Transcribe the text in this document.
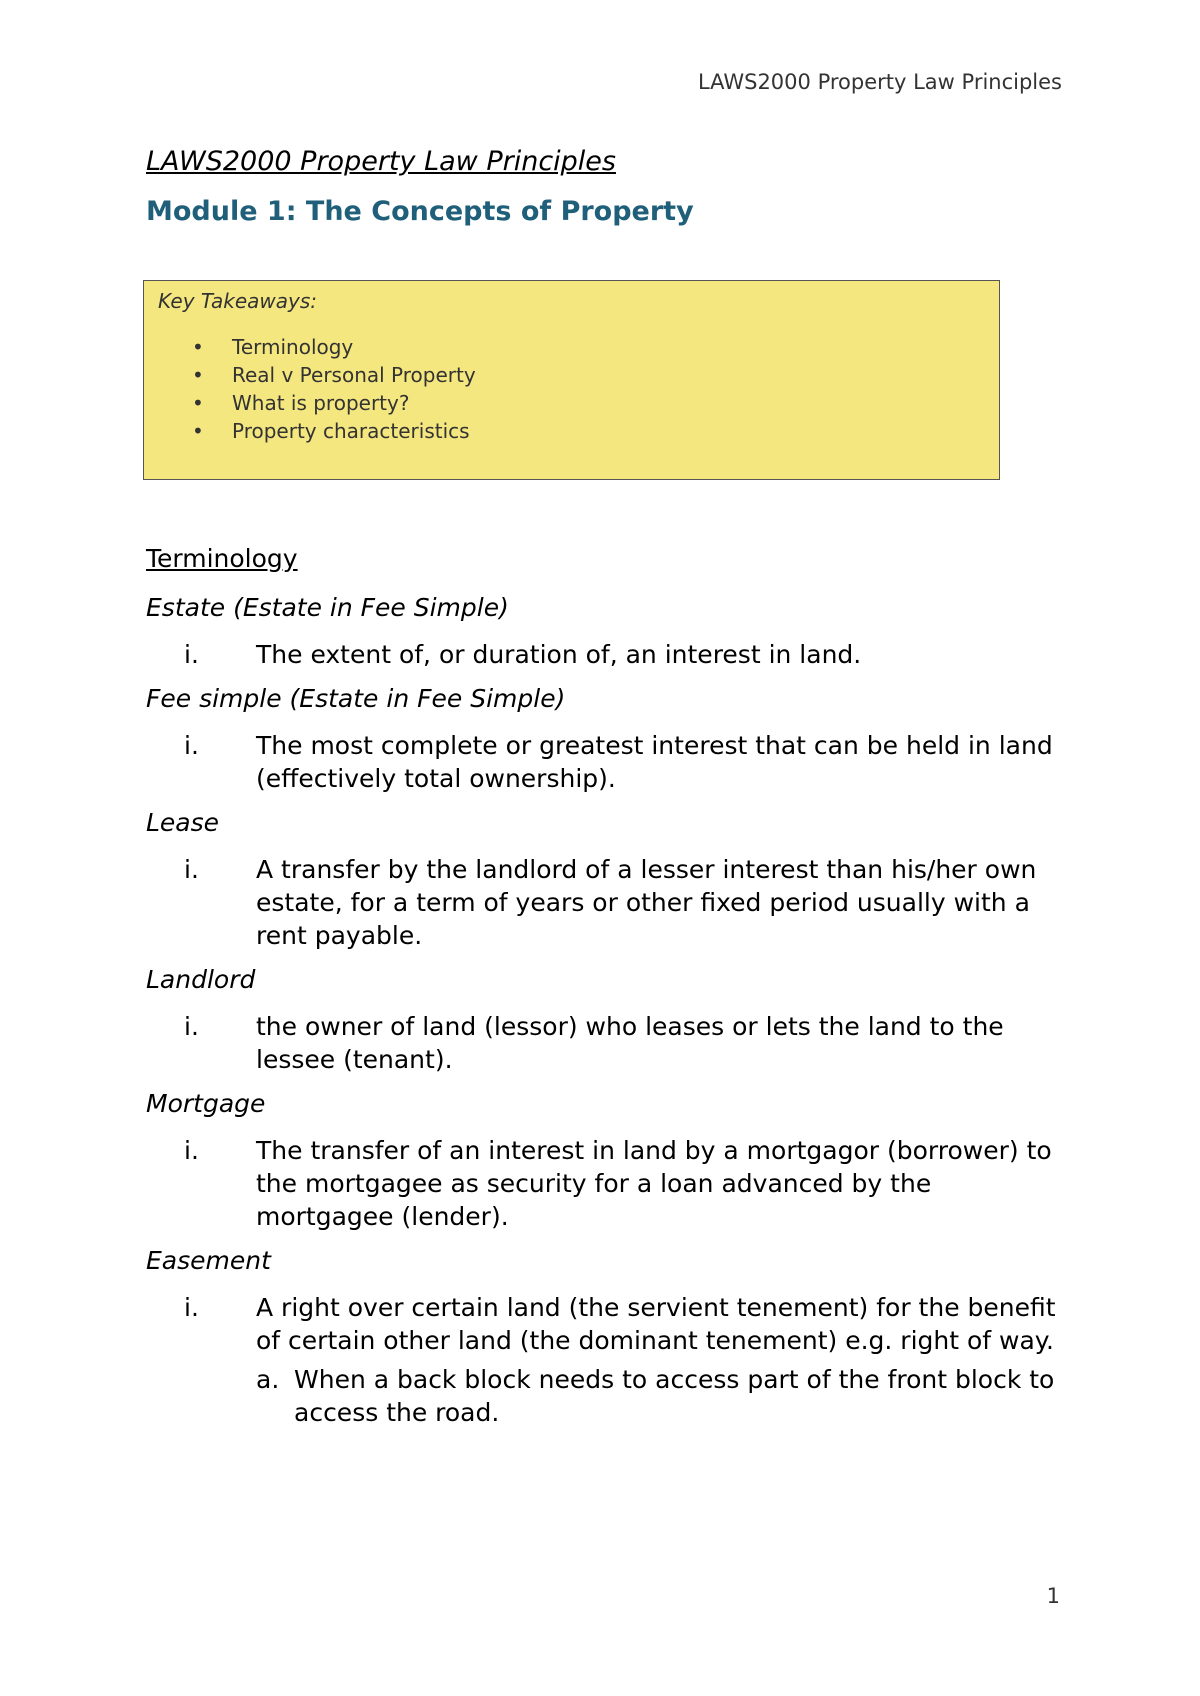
LAWS2000 Property Law Principles
LAWS2000 Property Law Principles
Module 1: The Concepts of Property
Key Takeaways:
• Terminology
• Real v Personal Property
• What is property?
• Property characteristics
Terminology
Estate (Estate in Fee Simple)
i. The extent of, or duration of, an interest in land.
Fee simple (Estate in Fee Simple)
i. The most complete or greatest interest that can be held in land (effectively total ownership).
Lease
i. A transfer by the landlord of a lesser interest than his/her own estate, for a term of years or other fixed period usually with a rent payable.
Landlord
i. the owner of land (lessor) who leases or lets the land to the lessee (tenant).
Mortgage
i. The transfer of an interest in land by a mortgagor (borrower) to the mortgagee as security for a loan advanced by the mortgagee (lender).
Easement
i. A right over certain land (the servient tenement) for the benefit of certain other land (the dominant tenement) e.g. right of way.
a. When a back block needs to access part of the front block to access the road.
1
